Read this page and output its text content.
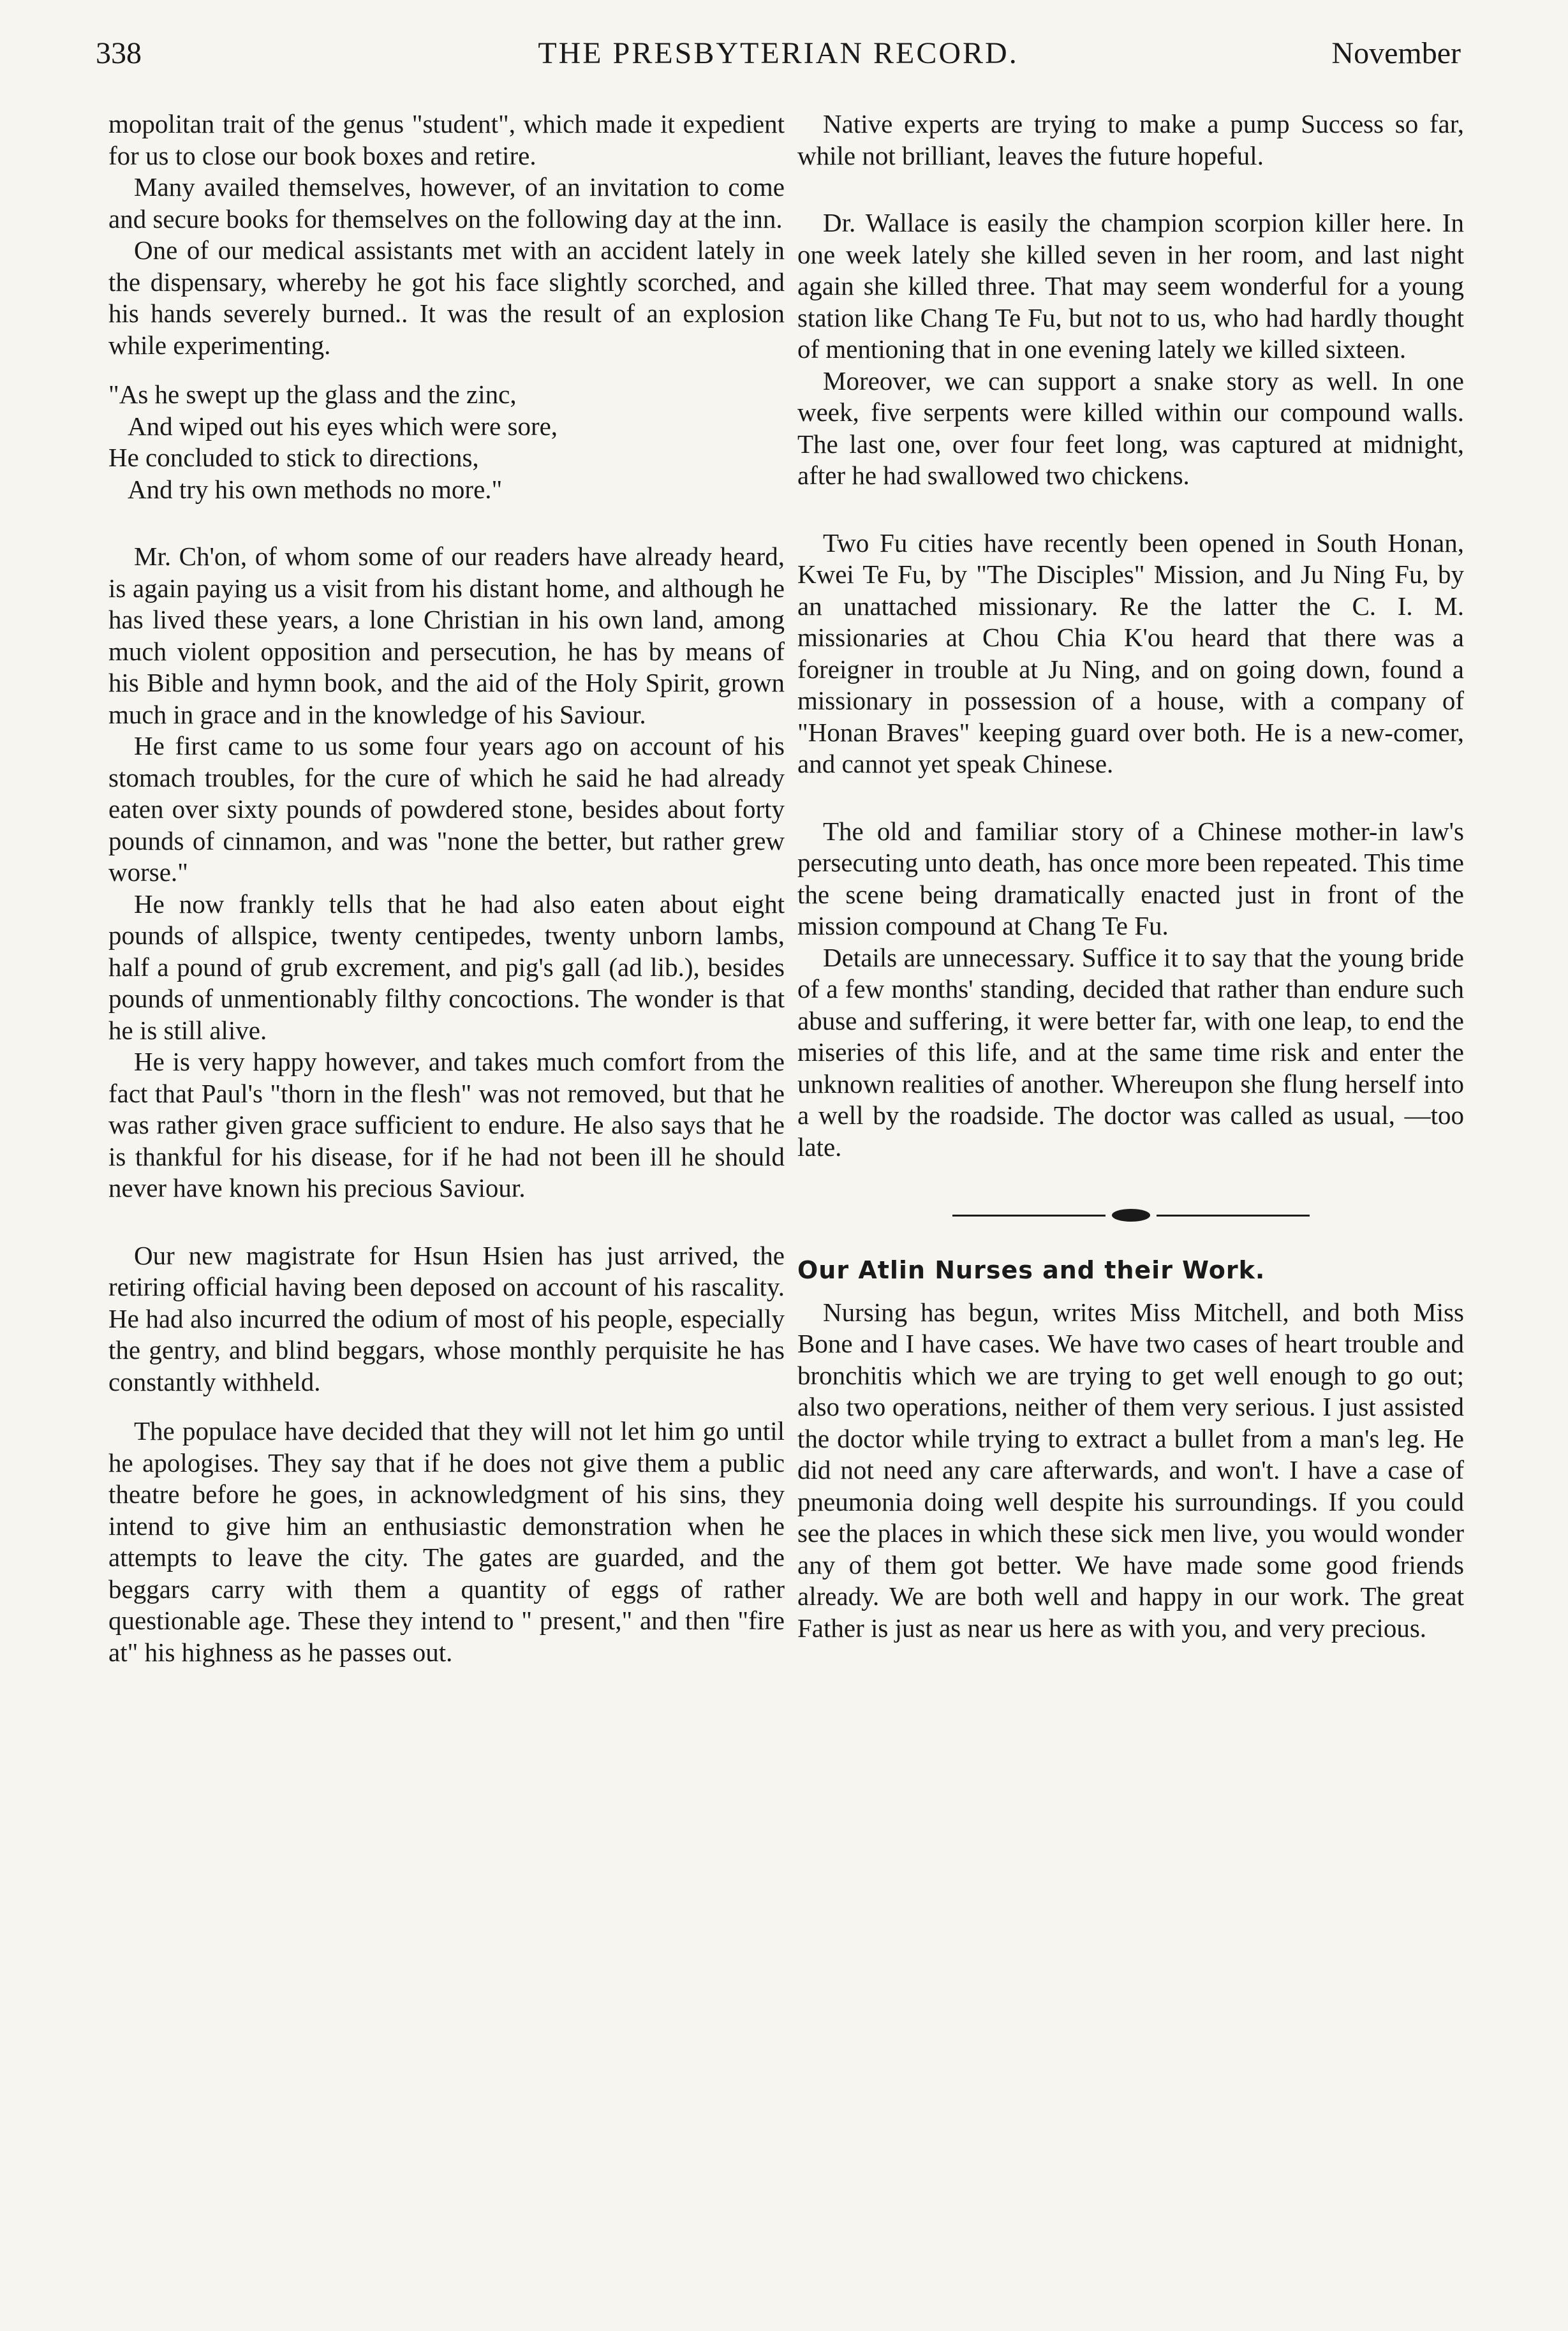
338	THE PRESBYTERIAN RECORD.	November

mopolitan trait of the genus "student", which made it expedient for us to close our book boxes and retire.

Many availed themselves, however, of an invitation to come and secure books for themselves on the following day at the inn.

One of our medical assistants met with an accident lately in the dispensary, whereby he got his face slightly scorched, and his hands severely burned.. It was the result of an explosion while experimenting.

"As he swept up the glass and the zinc,
And wiped out his eyes which were sore,
He concluded to stick to directions,
And try his own methods no more."

Mr. Ch'on, of whom some of our readers have already heard, is again paying us a visit from his distant home, and although he has lived these years, a lone Christian in his own land, among much violent opposition and persecution, he has by means of his Bible and hymn book, and the aid of the Holy Spirit, grown much in grace and in the knowledge of his Saviour.

He first came to us some four years ago on account of his stomach troubles, for the cure of which he said he had already eaten over sixty pounds of powdered stone, besides about forty pounds of cinnamon, and was "none the better, but rather grew worse."

He now frankly tells that he had also eaten about eight pounds of allspice, twenty centipedes, twenty unborn lambs, half a pound of grub excrement, and pig's gall (ad lib.), besides pounds of unmentionably filthy concoctions. The wonder is that he is still alive.

He is very happy however, and takes much comfort from the fact that Paul's "thorn in the flesh" was not removed, but that he was rather given grace sufficient to endure. He also says that he is thankful for his disease, for if he had not been ill he should never have known his precious Saviour.

Our new magistrate for Hsun Hsien has just arrived, the retiring official having been deposed on account of his rascality. He had also incurred the odium of most of his people, especially the gentry, and blind beggars, whose monthly perquisite he has constantly withheld.

The populace have decided that they will not let him go until he apologises. They say that if he does not give them a public theatre before he goes, in acknowledgment of his sins, they intend to give him an enthusiastic demonstration when he attempts to leave the city. The gates are guarded, and the beggars carry with them a quantity of eggs of rather questionable age. These they intend to " present," and then "fire at" his highness as he passes out.

Native experts are trying to make a pump Success so far, while not brilliant, leaves the future hopeful.

Dr. Wallace is easily the champion scorpion killer here. In one week lately she killed seven in her room, and last night again she killed three. That may seem wonderful for a young station like Chang Te Fu, but not to us, who had hardly thought of mentioning that in one evening lately we killed sixteen.

Moreover, we can support a snake story as well. In one week, five serpents were killed within our compound walls. The last one, over four feet long, was captured at midnight, after he had swallowed two chickens.

Two Fu cities have recently been opened in South Honan, Kwei Te Fu, by "The Disciples" Mission, and Ju Ning Fu, by an unattached missionary. Re the latter the C. I. M. missionaries at Chou Chia K'ou heard that there was a foreigner in trouble at Ju Ning, and on going down, found a missionary in possession of a house, with a company of "Honan Braves" keeping guard over both. He is a new-comer, and cannot yet speak Chinese.

The old and familiar story of a Chinese mother-in law's persecuting unto death, has once more been repeated. This time the scene being dramatically enacted just in front of the mission compound at Chang Te Fu.

Details are unnecessary. Suffice it to say that the young bride of a few months' standing, decided that rather than endure such abuse and suffering, it were better far, with one leap, to end the miseries of this life, and at the same time risk and enter the unknown realities of another. Whereupon she flung herself into a well by the roadside. The doctor was called as usual, —too late.

Our Atlin Nurses and their Work.

Nursing has begun, writes Miss Mitchell, and both Miss Bone and I have cases. We have two cases of heart trouble and bronchitis which we are trying to get well enough to go out; also two operations, neither of them very serious. I just assisted the doctor while trying to extract a bullet from a man's leg. He did not need any care afterwards, and won't. I have a case of pneumonia doing well despite his surroundings. If you could see the places in which these sick men live, you would wonder any of them got better. We have made some good friends already. We are both well and happy in our work. The great Father is just as near us here as with you, and very precious.
